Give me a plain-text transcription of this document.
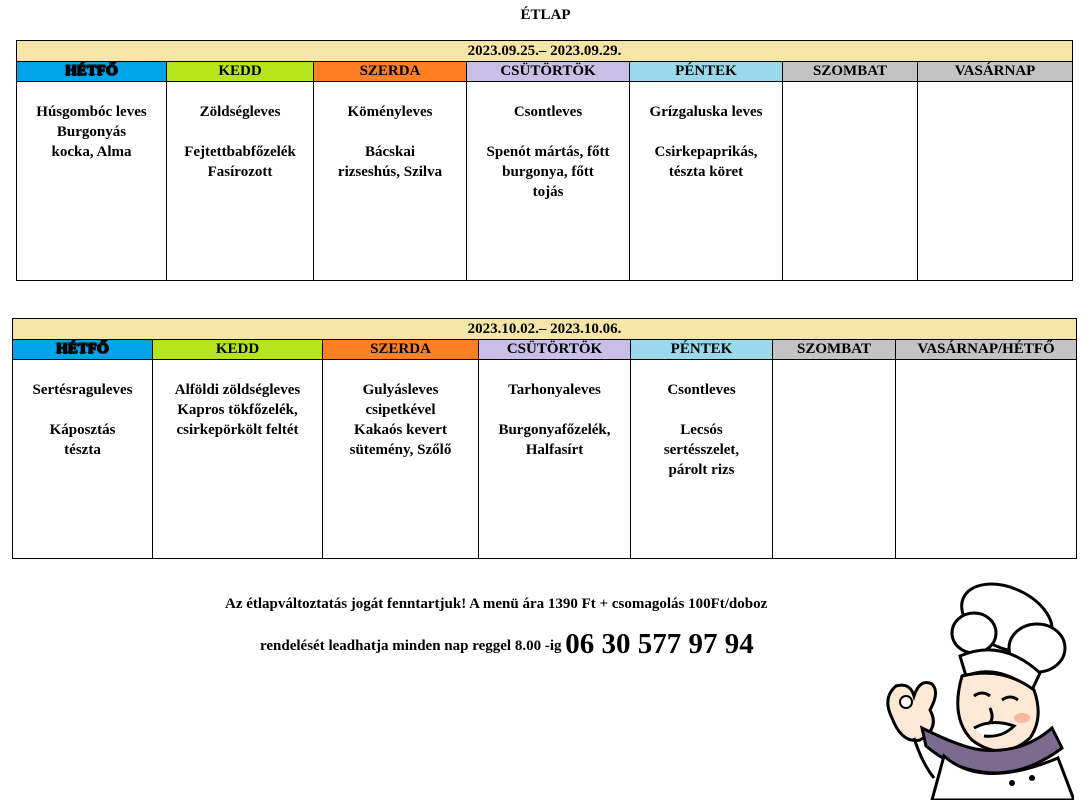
ÉTLAP
2023.09.25.– 2023.09.29.						
HÉTFŐ	KEDD	SZERDA	CSÜTÖRTÖK	PÉNTEK	SZOMBAT	VASÁRNAP
Húsgombóc leves
Burgonyás
kocka, Alma	Zöldségleves

Fejtettbabfőzelék
Fasírozott	Köményleves

Bácskai
rizseshús, Szilva	Csontleves

Spenót mártás, főtt
burgonya, főtt
tojás	Grízgaluska leves

Csirkepaprikás,
tészta köret		
2023.10.02.– 2023.10.06.						
HÉTFŐ	KEDD	SZERDA	CSÜTÖRTÖK	PÉNTEK	SZOMBAT	VASÁRNAP/HÉTFŐ
Sertésraguleves

Káposztás
tészta	Alföldi zöldségleves
Kapros tökfőzelék,
csirkepörkölt feltét	Gulyásleves
csipetkével
Kakaós kevert
sütemény, Szőlő	Tarhonyaleves

Burgonyafőzelék,
Halfasírt	Csontleves

Lecsós
sertésszelet,
párolt rizs		
Az étlapváltoztatás jogát fenntartjuk! A menü ára 1390 Ft + csomagolás 100Ft/doboz
rendelését leadhatja minden nap reggel 8.00 -ig 06 30 577 97 94
